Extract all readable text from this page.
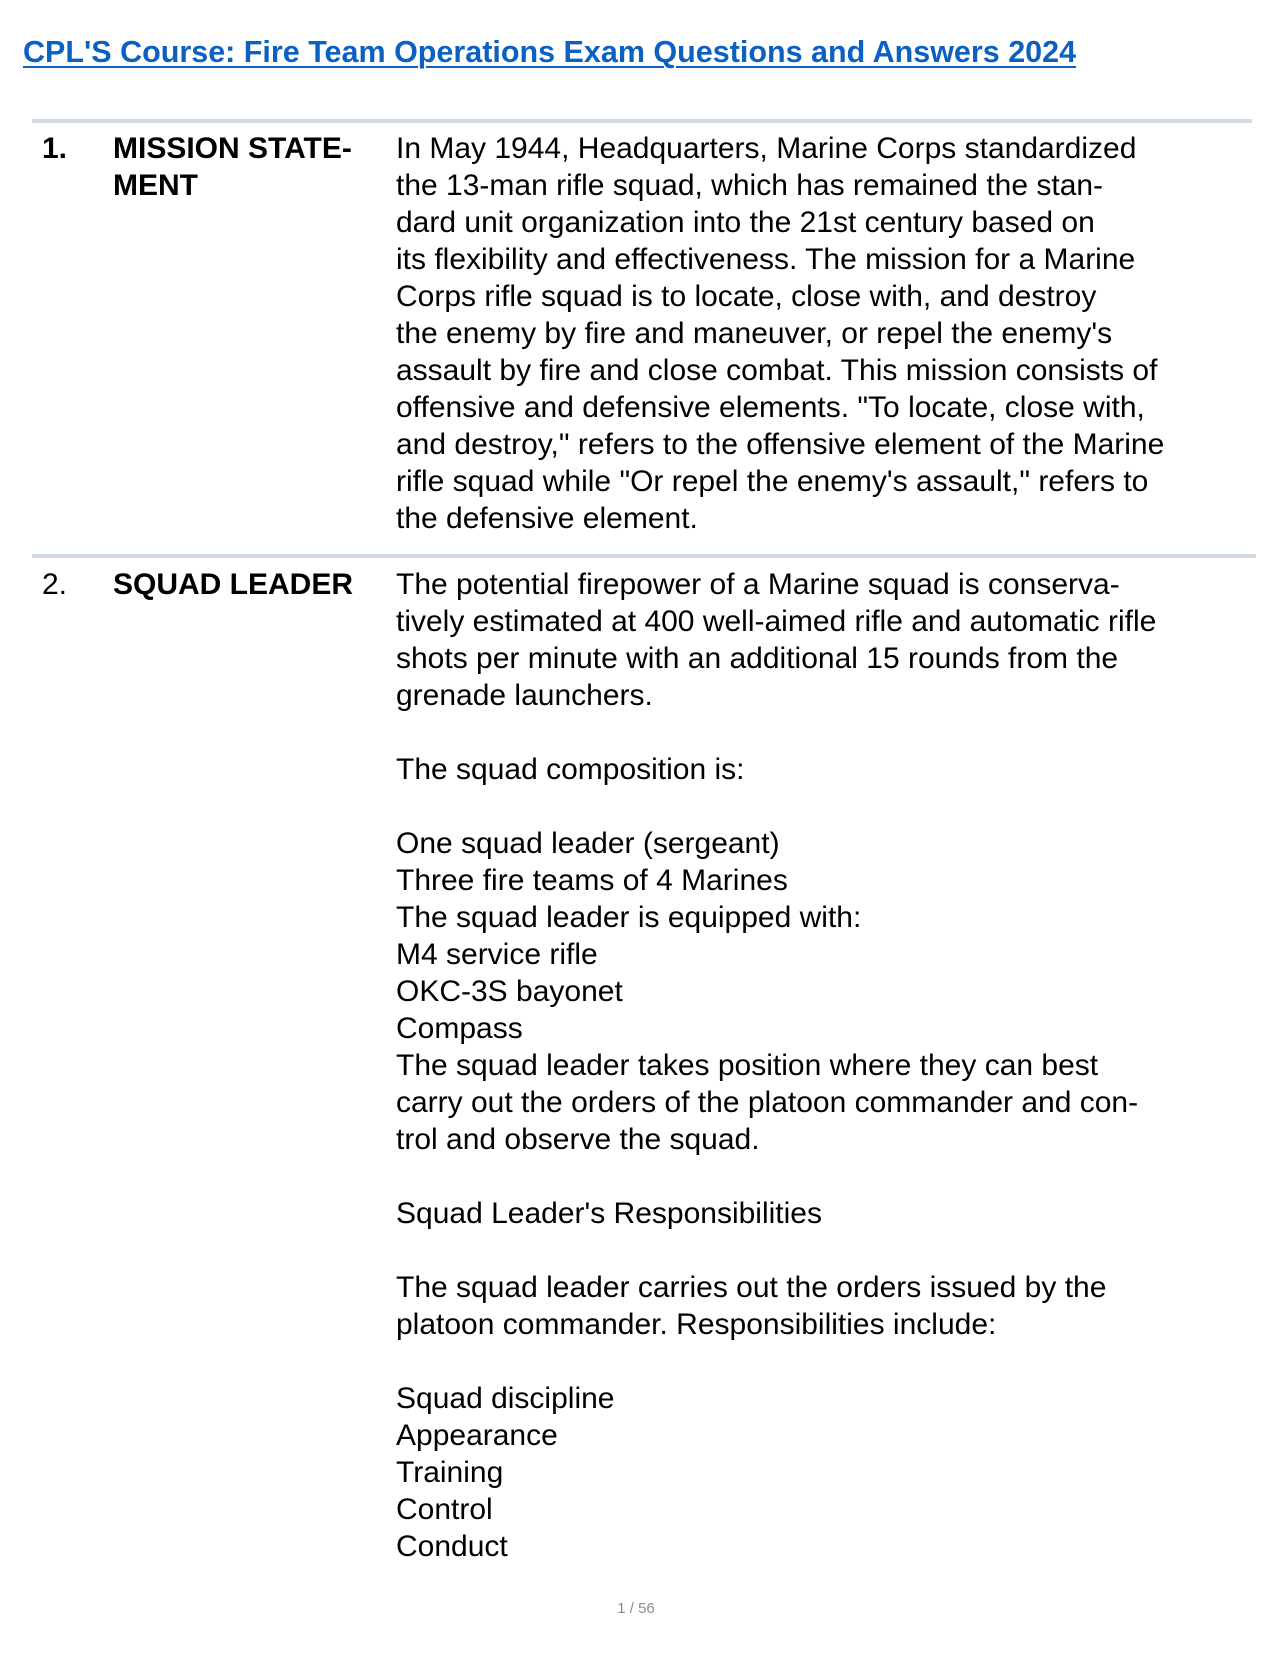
CPL'S Course: Fire Team Operations Exam Questions and Answers 2024
1. MISSION STATE-
MENT
In May 1944, Headquarters, Marine Corps standardized
the 13-man rifle squad, which has remained the stan-
dard unit organization into the 21st century based on
its flexibility and effectiveness. The mission for a Marine
Corps rifle squad is to locate, close with, and destroy
the enemy by fire and maneuver, or repel the enemy's
assault by fire and close combat. This mission consists of
offensive and defensive elements. "To locate, close with,
and destroy," refers to the offensive element of the Marine
rifle squad while "Or repel the enemy's assault," refers to
the defensive element.
2. SQUAD LEADER	The potential firepower of a Marine squad is conserva-
tively estimated at 400 well-aimed rifle and automatic rifle
shots per minute with an additional 15 rounds from the
grenade launchers.
The squad composition is:
One squad leader (sergeant)
Three fire teams of 4 Marines
The squad leader is equipped with:
M4 service rifle
OKC-3S bayonet
Compass
The squad leader takes position where they can best
carry out the orders of the platoon commander and con-
trol and observe the squad.
Squad Leader's Responsibilities
The squad leader carries out the orders issued by the
platoon commander. Responsibilities include:
Squad discipline
Appearance
Training
Control
Conduct
1 / 56
